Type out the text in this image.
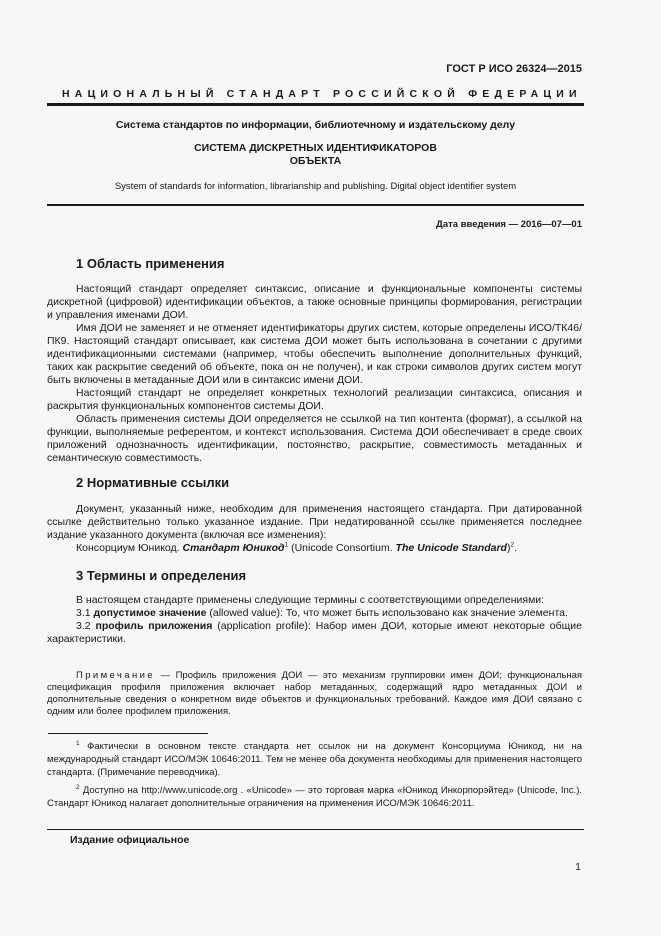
ГОСТ Р ИСО 26324—2015
НАЦИОНАЛЬНЫЙ СТАНДАРТ РОССИЙСКОЙ ФЕДЕРАЦИИ
Система стандартов по информации, библиотечному и издательскому делу
СИСТЕМА ДИСКРЕТНЫХ ИДЕНТИФИКАТОРОВ
ОБЪЕКТА
System of standards for information, librarianship and publishing. Digital object identifier system
Дата введения — 2016—07—01
1 Область применения

Настоящий стандарт определяет синтаксис, описание и функциональные компоненты системы дискретной (цифровой) идентификации объектов, а также основные принципы формирования, регистрации и управления именами ДОИ.

Имя ДОИ не заменяет и не отменяет идентификаторы других систем, которые определены ИСО/ТК46/ПК9. Настоящий стандарт описывает, как система ДОИ может быть использована в сочетании с другими идентификационными системами (например, чтобы обеспечить выполнение дополнительных функций, таких как раскрытие сведений об объекте, пока он не получен), и как строки символов других систем могут быть включены в метаданные ДОИ или в синтаксис имени ДОИ.

Настоящий стандарт не определяет конкретных технологий реализации синтаксиса, описания и раскрытия функциональных компонентов системы ДОИ.

Область применения системы ДОИ определяется не ссылкой на тип контента (формат), а ссылкой на функции, выполняемые референтом, и контекст использования. Система ДОИ обеспечивает в среде своих приложений однозначность идентификации, постоянство, раскрытие, совместимость метаданных и семантическую совместимость.

2 Нормативные ссылки

Документ, указанный ниже, необходим для применения настоящего стандарта. При датированной ссылке действительно только указанное издание. При недатированной ссылке применяется последнее издание указанного документа (включая все изменения):

Консорциум Юникод. Стандарт Юникод$^1$ (Unicode Consortium. The Unicode Standard)$^2$.

3 Термины и определения

В настоящем стандарте применены следующие термины с соответствующими определениями:

3.1 допустимое значение (allowed value): То, что может быть использовано как значение элемента.

3.2 профиль приложения (application profile): Набор имен ДОИ, которые имеют некоторые общие характеристики.

Примечание — Профиль приложения ДОИ — это механизм группировки имен ДОИ; функциональная спецификация профиля приложения включает набор метаданных, содержащий ядро метаданных ДОИ и дополнительные сведения о конкретном виде объектов и функциональных требований. Каждое имя ДОИ связано с одним или более профилем приложения.

$^1$ Фактически в основном тексте стандарта нет ссылок ни на документ Консорциума Юникод, ни на международный стандарт ИСО/МЭК 10646:2011. Тем не менее оба документа необходимы для применения настоящего стандарта. (Примечание переводчика).

$^2$ Доступно на http://www.unicode.org . «Unicode» — это торговая марка «Юникод Инкорпорэйтед» (Unicode, Inc.). Стандарт Юникод налагает дополнительные ограничения на применения ИСО/МЭК 10646:2011.

Издание официальное
1
